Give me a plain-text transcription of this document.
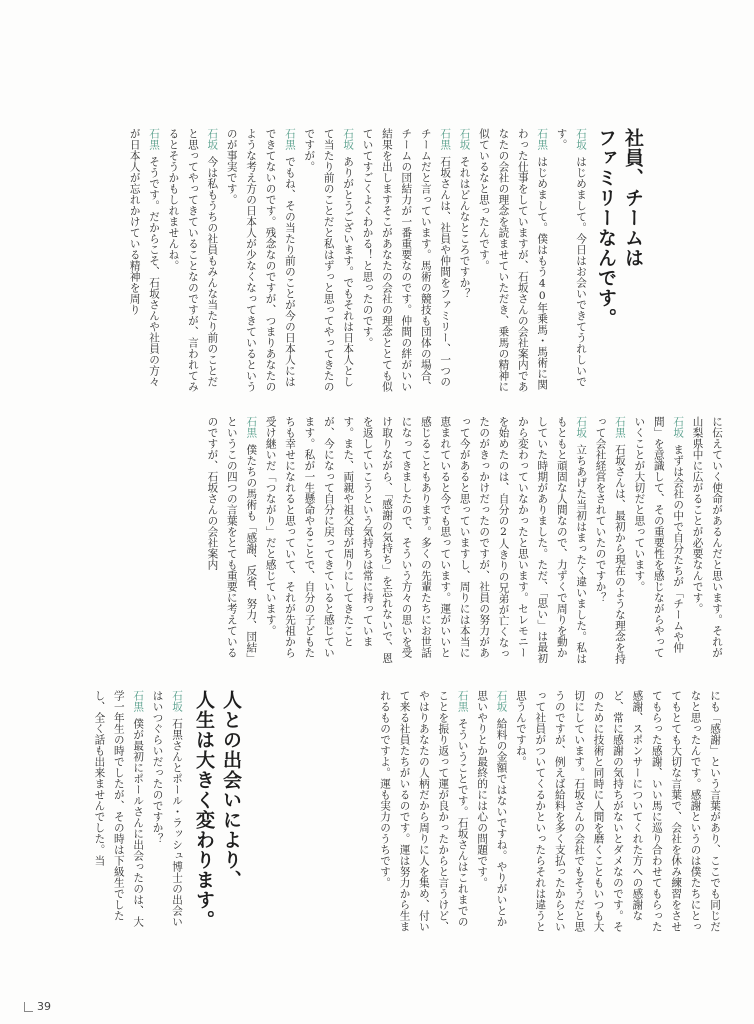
社員、チームは
ファミリーなんです。

石坂はじめまして。今日はお会いできてうれしいです。

石黒はじめまして。僕はもう40年乗馬・馬術に関わった仕事をしていますが、石坂さんの会社案内であなたの会社の理念を読ませていただき、乗馬の精神に似ているなと思ったんです。

石坂それはどんなところですか？

石黒石坂さんは、社員や仲間をファミリー、一つのチームだと言っています。馬術の競技も団体の場合、チームの団結力が一番重要なのです。仲間の絆がいい結果を出しますそこがあなたの会社の理念ととても似ていてすごくよくわかる！と思ったのです。

石坂ありがとうございます。でもそれは日本人として当たり前のことだと私はずっと思ってやってきたのですが。

石黒でもね、その当たり前のことが今の日本人にはできてないのです。残念なのですが、つまりあなたのような考え方の日本人が少なくなってきているというのが事実です。

石坂今は私もうちの社員もみんな当たり前のことだと思ってやってきていることなのですが、言われてみるとそうかもしれませんね。

石黒そうです。だからこそ、石坂さんや社員の方々が日本人が忘れかけている精神を周り

に伝えていく使命があるんだと思います。それが山梨県中に広がることが必要なんです。

石坂まずは会社の中で自分たちが「チームや仲間」を意識して、その重要性を感じながらやっていくことが大切だと思っています。

石黒石坂さんは、最初から現在のような理念を持って会社経営をされていたのですか？

石坂立ちあげた当初はまったく違いました。私はもともと頑固な人間なので、力ずくで周りを動かしていた時期がありました。ただ、「思い」は最初から変わっていなかったと思います。セレモニーを始めたのは、自分の2人きりの兄弟が亡くなったのがきっかけだったのですが、社員の努力があって今があると思っていますし、周りには本当に恵まれていると今でも思っています。運がいいと感じることもあります。多くの先輩たちにお世話になってきましたので、そういう方々の思いを受け取りながら、「感謝の気持ち」を忘れないで、恩を返していこうという気持ちは常に持っています。また、両親や祖父母が周りにしてきたことが、今になって自分に戻ってきていると感じています。私が一生懸命やることで、自分の子どもたちも幸せになれると思っていて、それが先祖から受け継いだ「つながり」だと感じています。

石黒僕たちの馬術も「感謝、反省、努力、団結」というこの四つの言葉をとても重要に考えているのですが、石坂さんの会社案内

にも「感謝」という言葉があり、ここでも同じだなと思ったんです。感謝というのは僕たちにとってもとても大切な言葉で、会社を休み練習をさせてもらった感謝、いい馬に巡り合わせてもらった感謝、スポンサーについてくれた方への感謝など、常に感謝の気持ちがないとダメなのです。そのために技術と同時に人間を磨くこともいつも大切にしています。石坂さんの会社でもそうだと思うのですが、例えば給料を多く支払ったからといって社員がついてくるかといったらそれは違うと思うんですね。

石坂給料の金額ではないですね。やりがいとか思いやりとか最終的には心の問題です。

石黒そういうことです。石坂さんはこれまでのことを振り返って運が良かったからと言うけど、やはりあなたの人柄だから周りに人を集め、付いて来る社員たちがいるのです。運は努力から生まれるものですよ。運も実力のうちです。

人との出会いにより、
人生は大きく変わります。

石坂石黒さんとポール・ラッシュ博士の出会いはいつぐらいだったのですか？

石黒僕が最初にポールさんに出会ったのは、大学一年生の時でしたが、その時は下級生でしたし、全く話も出来ませんでした。当

39
